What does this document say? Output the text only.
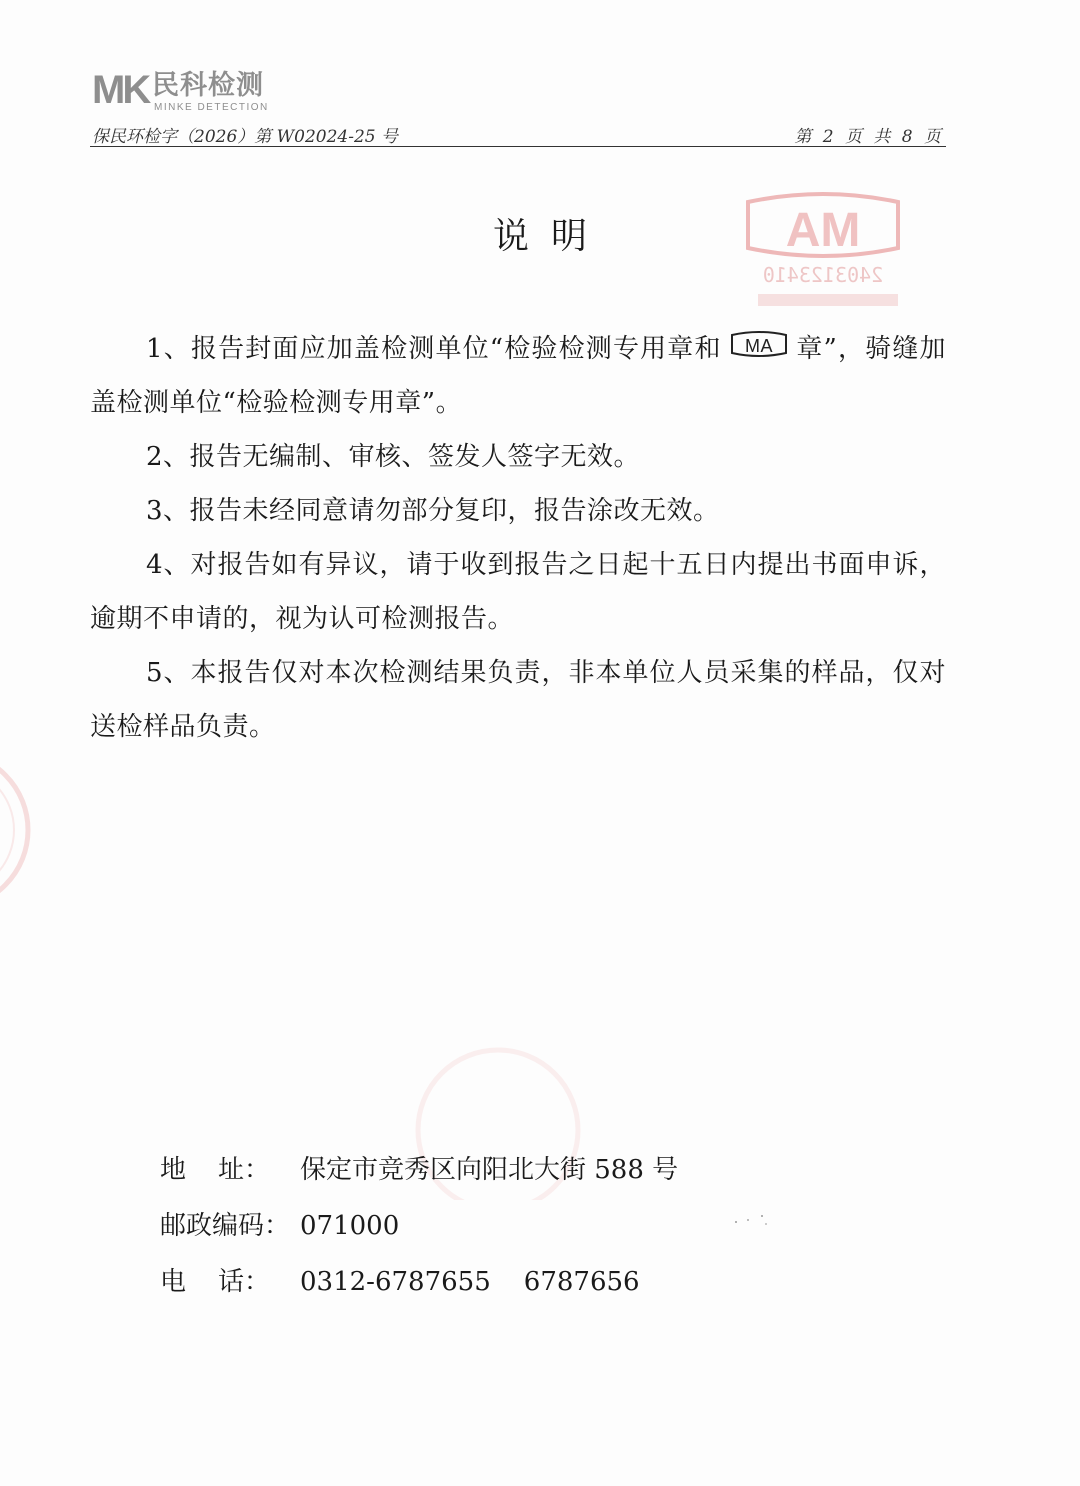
MK 民科检测
MINKE DETECTION
保民环检字（2026）第 W02024-25 号	第 2 页 共 8 页
MA
2403123410
说明

1、报告封面应加盖检测单位“检验检测专用章和 MA 章”，骑缝加盖检测单位“检验检测专用章”。

2、报告无编制、审核、签发人签字无效。

3、报告未经同意请勿部分复印，报告涂改无效。

4、对报告如有异议，请于收到报告之日起十五日内提出书面申诉，逾期不申请的，视为认可检测报告。

5、本报告仅对本次检测结果负责，非本单位人员采集的样品，仅对送检样品负责。

地 址： 保定市竞秀区向阳北大街 588 号
邮政编码： 071000
电 话： 0312-6787655    6787656
